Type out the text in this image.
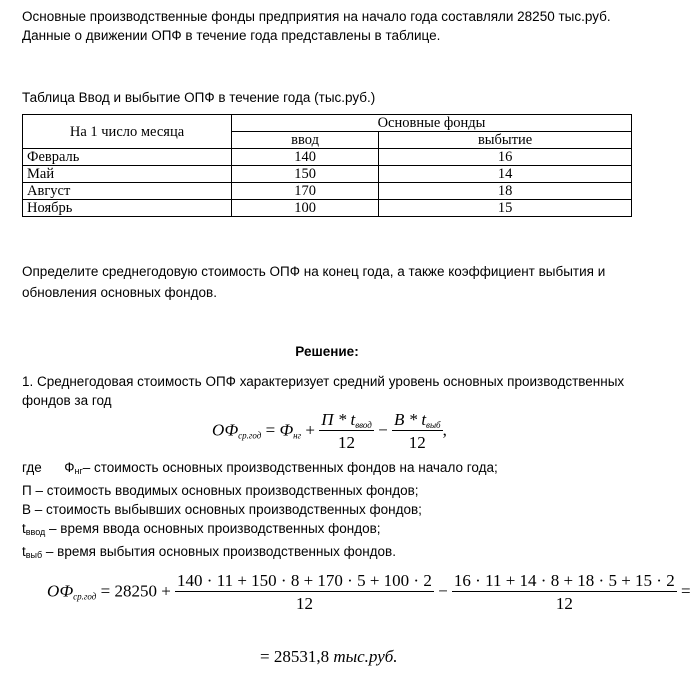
Основные производственные фонды предприятия на начало года составляли 28250 тыс.руб.

Данные о движении ОПФ в течение года представлены в таблице.

Таблица Ввод и выбытие ОПФ в течение года (тыс.руб.)

На 1 число месяца	Основные фонды	
	ввод	выбытие
Февраль	140	16
Май	150	14
Август	170	18
Ноябрь	100	15

Определите среднегодовую стоимость ОПФ на конец года, а также коэффициент выбытия и

обновления основных фондов.

Решение:

1. Среднегодовая стоимость ОПФ характеризует средний уровень основных производственных

фондов за год

$ОФ_{ср.год} = Ф_{нг} + \frac{П * t_{ввод}}{12} - \frac{В * t_{выб}}{12}$ ,
где Фнг– стоимость основных производственных фондов на начало года;
П – стоимость вводимых основных производственных фондов;
В – стоимость выбывших основных производственных фондов;
tввод – время ввода основных производственных фондов;
tвыб – время выбытия основных производственных фондов.
$ОФ_{ср.год} = 28250 + \frac{140 \cdot 11 + 150 \cdot 8 + 170 \cdot 5 + 100 \cdot 2}{12} - \frac{16 \cdot 11 + 14 \cdot 8 + 18 \cdot 5 + 15 \cdot 2}{12}$ =
= 28531,8 тыс.руб.
